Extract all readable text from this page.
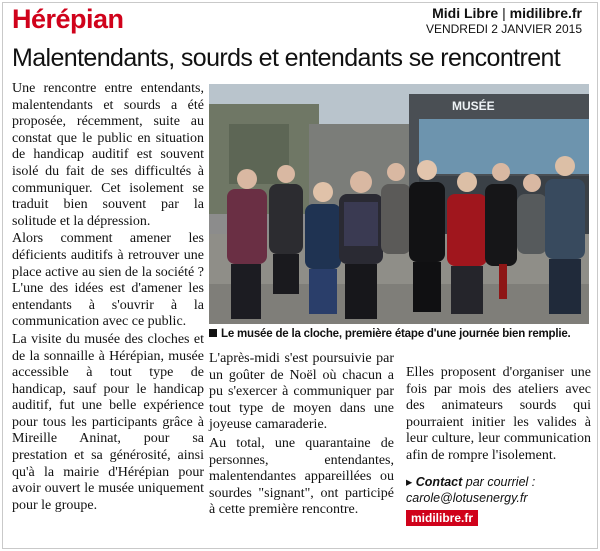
Hérépian	Midi Libre | midilibre.fr
VENDREDI 2 JANVIER 2015
Malentendants, sourds et entendants se rencontrent

Une rencontre entre entendants, malentendants et sourds a été proposée, récemment, suite au constat que le public en situation de handicap auditif est souvent isolé du fait de ses difficultés à communiquer. Cet isolement se traduit bien souvent par la solitude et la dépression.

Alors comment amener les déficients auditifs à retrouver une place active au sien de la société ? L'une des idées est d'amener les entendants à s'ouvrir à la communication avec ce public.

La visite du musée des cloches et de la sonnaille à Hérépian, musée accessible à tout type de handicap, sauf pour le handicap auditif, fut une belle expérience pour tous les participants grâce à Mireille Aninat, pour sa prestation et sa générosité, ainsi qu'à la mairie d'Hérépian pour avoir ouvert le musée uniquement pour le groupe.

MUSÉE
Le musée de la cloche, première étape d'une journée bien remplie.

L'après-midi s'est poursuivie par un goûter de Noël où chacun a pu s'exercer à communiquer par tout type de moyen dans une joyeuse camaraderie.

Au total, une quarantaine de personnes, entendantes, malentendantes appareillées ou sourdes "signant", ont participé à cette première rencontre.

Elles proposent d'organiser une fois par mois des ateliers avec des animateurs sourds qui pourraient initier les valides à leur culture, leur communication afin de rompre l'isolement.

▸ Contact par courriel :
carole@lotusenergy.fr
midilibre.fr
